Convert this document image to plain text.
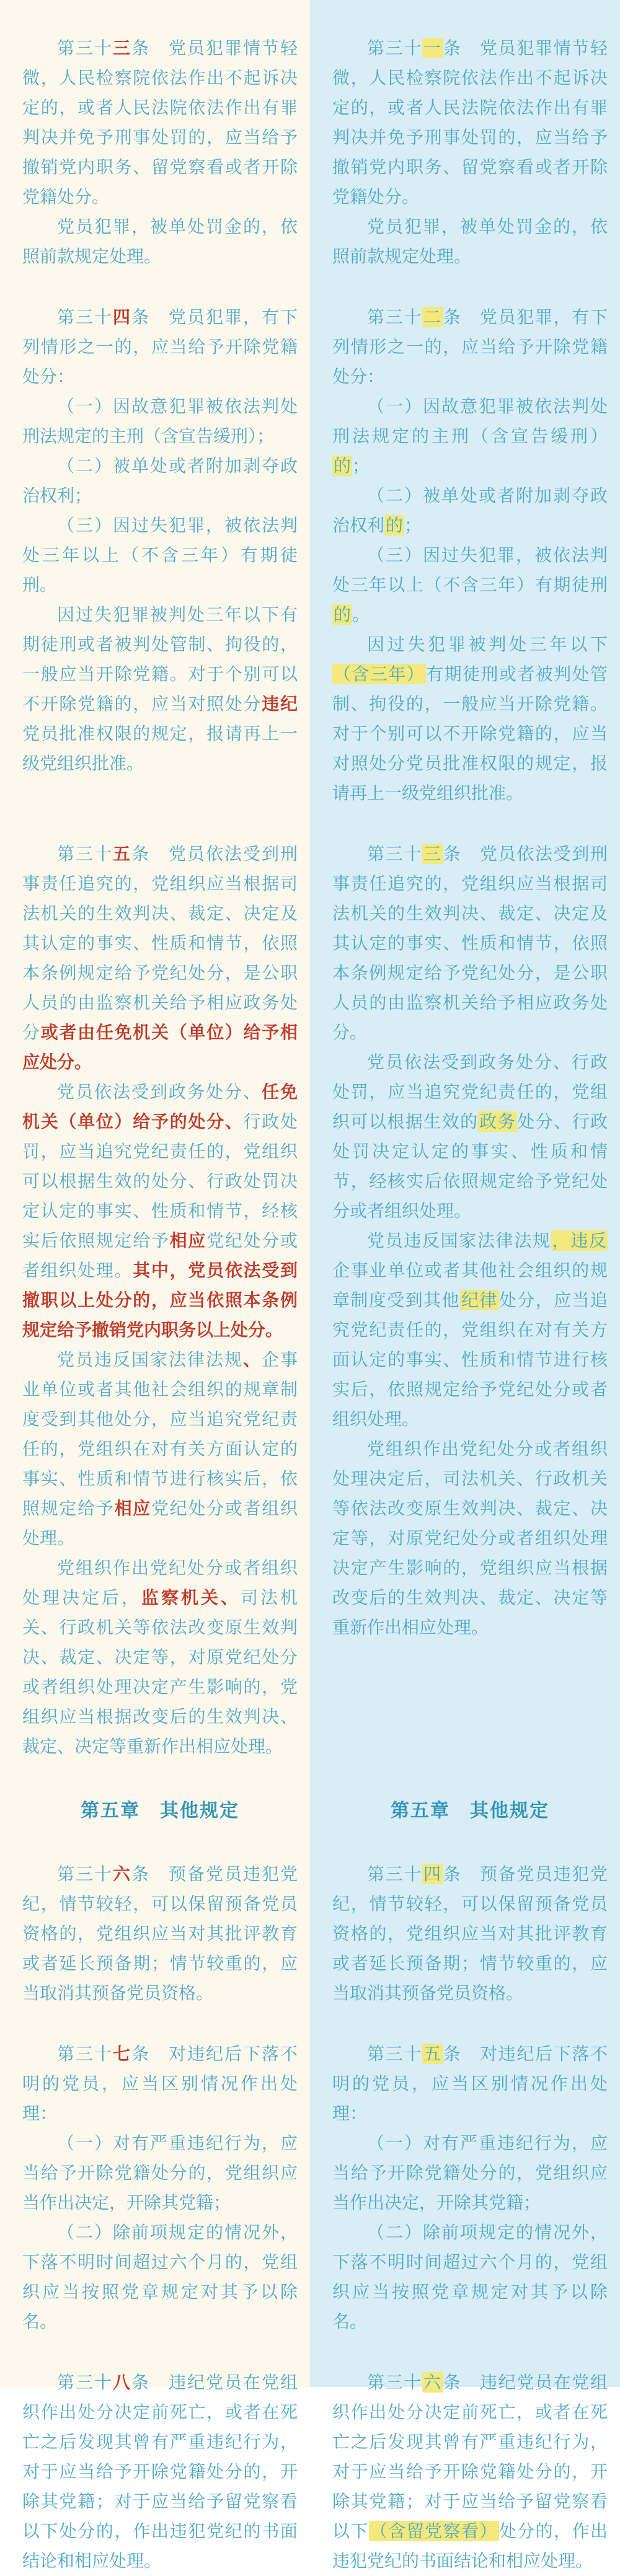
第三十三条　党员犯罪情节轻微，人民检察院依法作出不起诉决定的，或者人民法院依法作出有罪判决并免予刑事处罚的，应当给予撤销党内职务、留党察看或者开除党籍处分。

党员犯罪，被单处罚金的，依照前款规定处理。

第三十一条　党员犯罪情节轻微，人民检察院依法作出不起诉决定的，或者人民法院依法作出有罪判决并免予刑事处罚的，应当给予撤销党内职务、留党察看或者开除党籍处分。

党员犯罪，被单处罚金的，依照前款规定处理。

第三十四条　党员犯罪，有下列情形之一的，应当给予开除党籍处分：

（一）因故意犯罪被依法判处刑法规定的主刑（含宣告缓刑）；

（二）被单处或者附加剥夺政治权利；

（三）因过失犯罪，被依法判处三年以上（不含三年）有期徒刑。

因过失犯罪被判处三年以下有期徒刑或者被判处管制、拘役的，一般应当开除党籍。对于个别可以不开除党籍的，应当对照处分违纪党员批准权限的规定，报请再上一级党组织批准。

第三十二条　党员犯罪，有下列情形之一的，应当给予开除党籍处分：

（一）因故意犯罪被依法判处刑法规定的主刑（含宣告缓刑）的；

（二）被单处或者附加剥夺政治权利的；

（三）因过失犯罪，被依法判处三年以上（不含三年）有期徒刑的。

因过失犯罪被判处三年以下（含三年）有期徒刑或者被判处管制、拘役的，一般应当开除党籍。对于个别可以不开除党籍的，应当对照处分党员批准权限的规定，报请再上一级党组织批准。

第三十五条　党员依法受到刑事责任追究的，党组织应当根据司法机关的生效判决、裁定、决定及其认定的事实、性质和情节，依照本条例规定给予党纪处分，是公职人员的由监察机关给予相应政务处分或者由任免机关（单位）给予相应处分。

党员依法受到政务处分、任免机关（单位）给予的处分、行政处罚，应当追究党纪责任的，党组织可以根据生效的处分、行政处罚决定认定的事实、性质和情节，经核实后依照规定给予相应党纪处分或者组织处理。其中，党员依法受到撤职以上处分的，应当依照本条例规定给予撤销党内职务以上处分。

党员违反国家法律法规、企事业单位或者其他社会组织的规章制度受到其他处分，应当追究党纪责任的，党组织在对有关方面认定的事实、性质和情节进行核实后，依照规定给予相应党纪处分或者组织处理。

党组织作出党纪处分或者组织处理决定后，监察机关、司法机关、行政机关等依法改变原生效判决、裁定、决定等，对原党纪处分或者组织处理决定产生影响的，党组织应当根据改变后的生效判决、裁定、决定等重新作出相应处理。

第三十三条　党员依法受到刑事责任追究的，党组织应当根据司法机关的生效判决、裁定、决定及其认定的事实、性质和情节，依照本条例规定给予党纪处分，是公职人员的由监察机关给予相应政务处分。

党员依法受到政务处分、行政处罚，应当追究党纪责任的，党组织可以根据生效的政务处分、行政处罚决定认定的事实、性质和情节，经核实后依照规定给予党纪处分或者组织处理。

党员违反国家法律法规，违反企事业单位或者其他社会组织的规章制度受到其他纪律处分，应当追究党纪责任的，党组织在对有关方面认定的事实、性质和情节进行核实后，依照规定给予党纪处分或者组织处理。

党组织作出党纪处分或者组织处理决定后，司法机关、行政机关等依法改变原生效判决、裁定、决定等，对原党纪处分或者组织处理决定产生影响的，党组织应当根据改变后的生效判决、裁定、决定等重新作出相应处理。

第五章　其他规定	第五章　其他规定

第三十六条　预备党员违犯党纪，情节较轻，可以保留预备党员资格的，党组织应当对其批评教育或者延长预备期；情节较重的，应当取消其预备党员资格。

第三十四条　预备党员违犯党纪，情节较轻，可以保留预备党员资格的，党组织应当对其批评教育或者延长预备期；情节较重的，应当取消其预备党员资格。

第三十七条　对违纪后下落不明的党员，应当区别情况作出处理：

（一）对有严重违纪行为，应当给予开除党籍处分的，党组织应当作出决定，开除其党籍；

（二）除前项规定的情况外，下落不明时间超过六个月的，党组织应当按照党章规定对其予以除名。

第三十五条　对违纪后下落不明的党员，应当区别情况作出处理：

（一）对有严重违纪行为，应当给予开除党籍处分的，党组织应当作出决定，开除其党籍；

（二）除前项规定的情况外，下落不明时间超过六个月的，党组织应当按照党章规定对其予以除名。

第三十八条　违纪党员在党组织作出处分决定前死亡，或者在死亡之后发现其曾有严重违纪行为，对于应当给予开除党籍处分的，开除其党籍；对于应当给予留党察看以下处分的，作出违犯党纪的书面结论和相应处理。

第三十六条　违纪党员在党组织作出处分决定前死亡，或者在死亡之后发现其曾有严重违纪行为，对于应当给予开除党籍处分的，开除其党籍；对于应当给予留党察看以下（含留党察看）处分的，作出违犯党纪的书面结论和相应处理。
